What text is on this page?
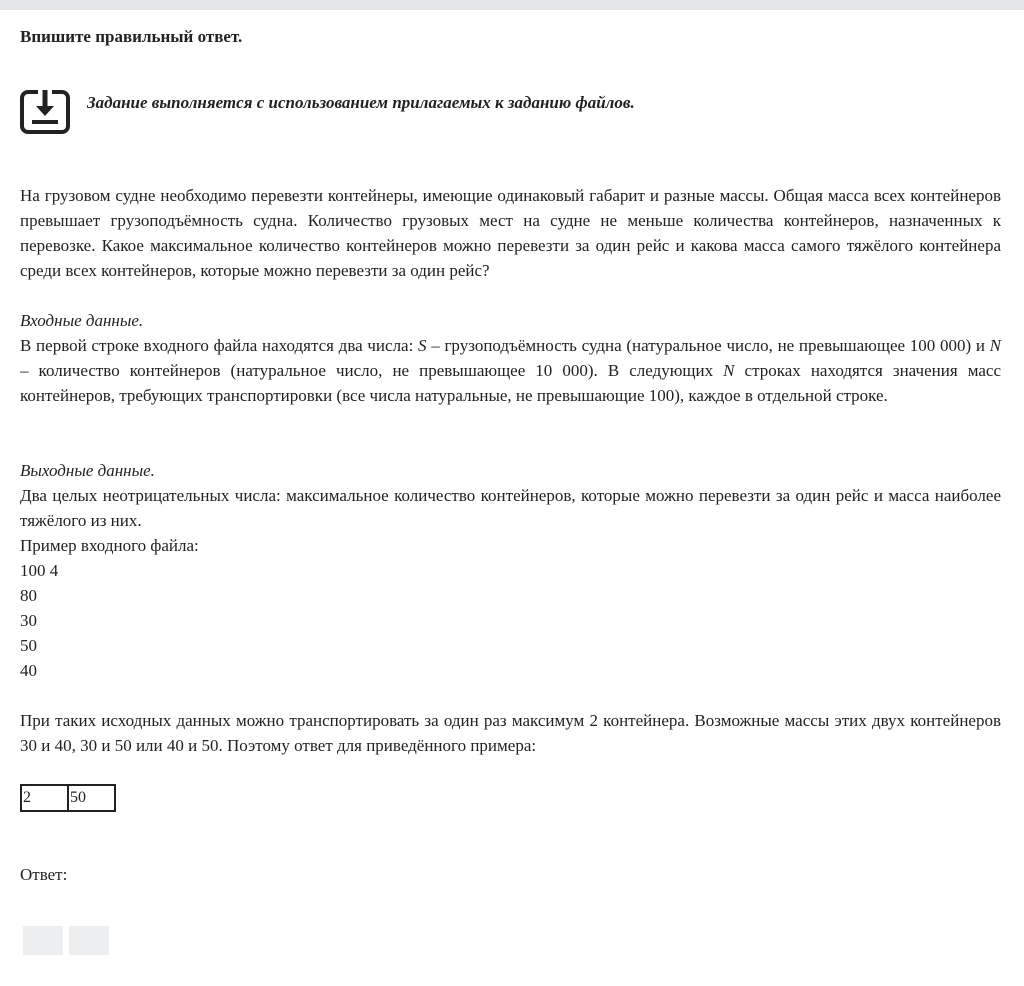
Впишите правильный ответ.

Задание выполняется с использованием прилагаемых к заданию файлов.

На грузовом судне необходимо перевезти контейнеры, имеющие одинаковый габарит и разные массы. Общая масса всех контейнеров превышает грузоподъёмность судна. Количество грузовых мест на судне не меньше количества контейнеров, назначенных к перевозке. Какое максимальное количество контейнеров можно перевезти за один рейс и какова масса самого тяжёлого контейнера среди всех контейнеров, которые можно перевезти за один рейс?

Входные данные.

В первой строке входного файла находятся два числа: S – грузоподъёмность судна (натуральное число, не превышающее 100 000) и N – количество контейнеров (натуральное число, не превышающее 10 000). В следующих N строках находятся значения масс контейнеров, требующих транспортировки (все числа натуральные, не превышающие 100), каждое в отдельной строке.

Выходные данные.

Два целых неотрицательных числа: максимальное количество контейнеров, которые можно перевезти за один рейс и масса наиболее тяжёлого из них.

Пример входного файла:

100 4

80

30

50

40

При таких исходных данных можно транспортировать за один раз максимум 2 контейнера. Возможные массы этих двух контейнеров 30 и 40, 30 и 50 или 40 и 50. Поэтому ответ для приведённого примера:

2	50

Ответ:
